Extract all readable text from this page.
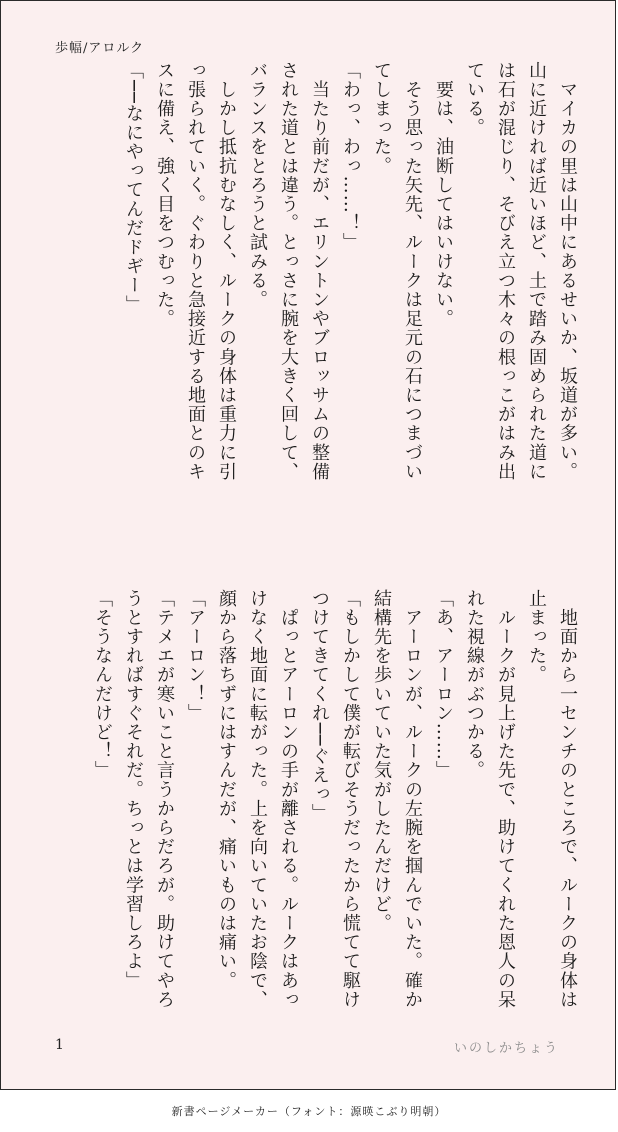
歩幅/アロルク

　マイカの里は山中にあるせいか、坂道が多い。

山に近ければ近いほど、土で踏み固められた道に

は石が混じり、そびえ立つ木々の根っこがはみ出

ている。

　要は、油断してはいけない。

　そう思った矢先、ルークは足元の石につまづい

てしまった。

「わっ、わっ……！」

　当たり前だが、エリントンやブロッサムの整備

された道とは違う。とっさに腕を大きく回して、

バランスをとろうと試みる。

　しかし抵抗むなしく、ルークの身体は重力に引

っ張られていく。ぐわりと急接近する地面とのキ

スに備え、強く目をつむった。

「──なにやってんだドギー」

　地面から一センチのところで、ルークの身体は

止まった。

　ルークが見上げた先で、助けてくれた恩人の呆

れた視線がぶつかる。

「あ、アーロン……」

　アーロンが、ルークの左腕を掴んでいた。確か

結構先を歩いていた気がしたんだけど。

「もしかして僕が転びそうだったから慌てて駆け

つけてきてくれ──ぐえっ」

　ぱっとアーロンの手が離される。ルークはあっ

けなく地面に転がった。上を向いていたお陰で、

顔から落ちずにはすんだが、痛いものは痛い。

「アーロン！」

「テメエが寒いこと言うからだろが。助けてやろ

うとすればすぐそれだ。ちっとは学習しろよ」

「そうなんだけど！」

1	いのしかちょう
新書ページメーカー（フォント：源暎こぶり明朝）
